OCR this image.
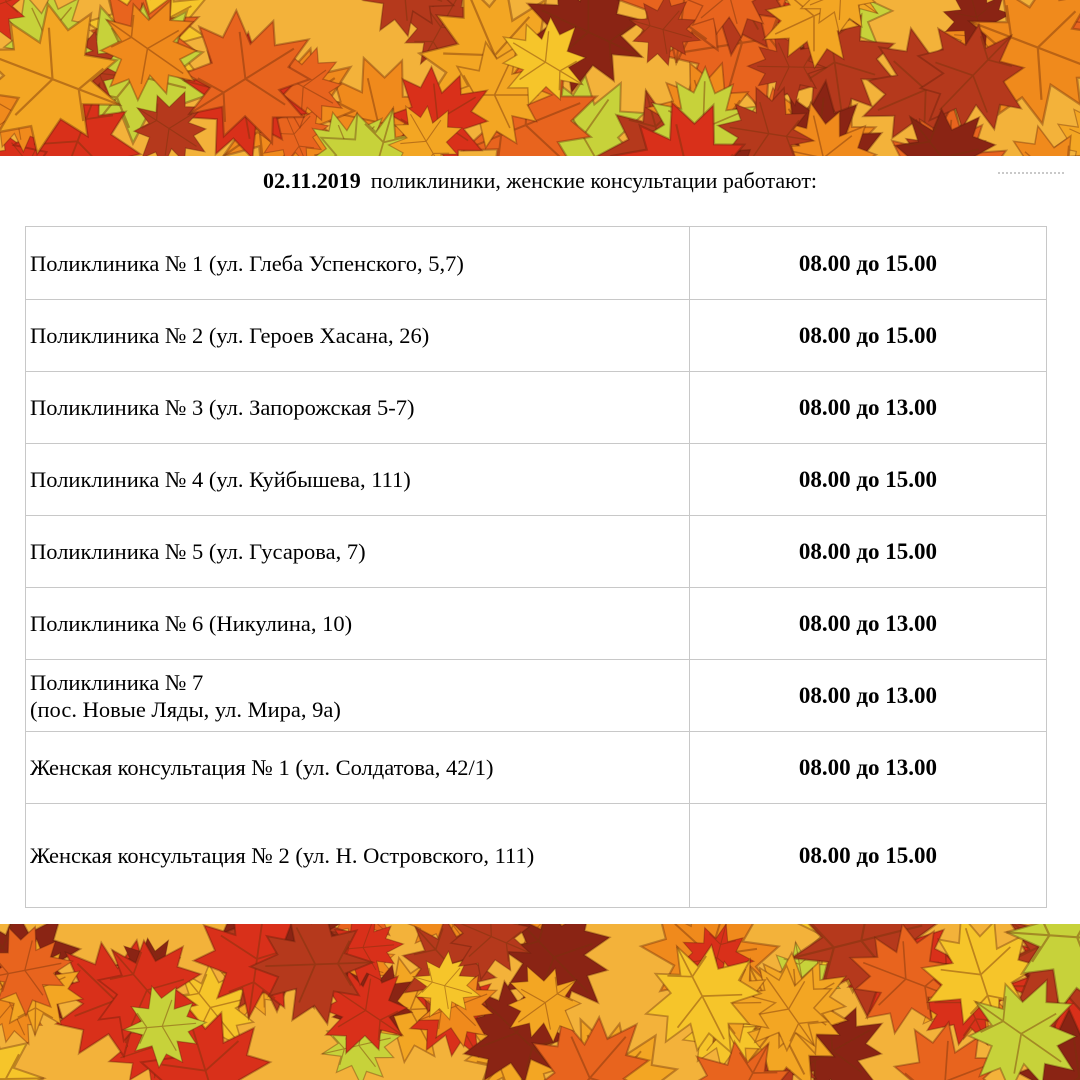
02.11.2019 поликлиники, женские консультации работают:
Поликлиника № 1 (ул. Глеба Успенского, 5,7)	08.00 до 15.00

Поликлиника № 2 (ул. Героев Хасана, 26)	08.00 до 15.00

Поликлиника № 3 (ул. Запорожская 5-7)	08.00 до 13.00

Поликлиника № 4 (ул. Куйбышева, 111)	08.00 до 15.00

Поликлиника № 5 (ул. Гусарова, 7)	08.00 до 15.00

Поликлиника № 6 (Никулина, 10)	08.00 до 13.00

Поликлиника № 7
(пос. Новые Ляды, ул. Мира, 9а)	08.00 до 13.00

Женская консультация № 1 (ул. Солдатова, 42/1)	08.00 до 13.00

Женская консультация № 2 (ул. Н. Островского, 111)	08.00 до 15.00
